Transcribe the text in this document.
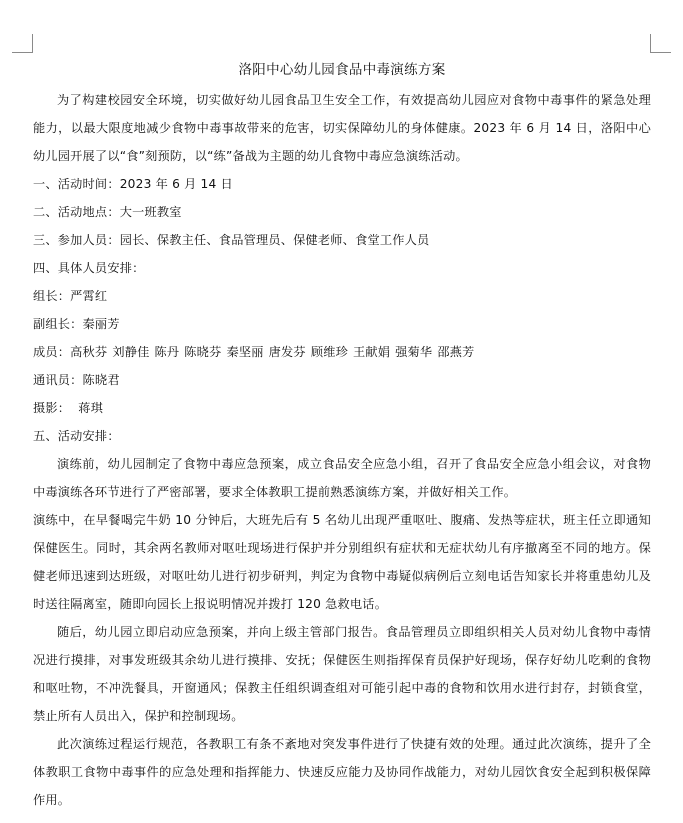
洛阳中心幼儿园食品中毒演练方案

为了构建校园安全环境，切实做好幼儿园食品卫生安全工作，有效提高幼儿园应对食物中毒事件的紧急处理能力，以最大限度地减少食物中毒事故带来的危害，切实保障幼儿的身体健康。2023 年 6 月 14 日，洛阳中心幼儿园开展了以“食”刻预防，以“练”备战为主题的幼儿食物中毒应急演练活动。

一、活动时间：2023 年 6 月 14 日

二、活动地点：大一班教室

三、参加人员：园长、保教主任、食品管理员、保健老师、食堂工作人员

四、具体人员安排：

组长：严霄红

副组长：秦丽芳

成员：高秋芬 刘静佳 陈丹 陈晓芬 秦坚丽 唐发芬 顾维珍 王献娟 强菊华 邵燕芳

通讯员：陈晓君

摄影：  蒋琪

五、活动安排：

演练前，幼儿园制定了食物中毒应急预案，成立食品安全应急小组，召开了食品安全应急小组会议，对食物中毒演练各环节进行了严密部署，要求全体教职工提前熟悉演练方案，并做好相关工作。

演练中，在早餐喝完牛奶 10 分钟后，大班先后有 5 名幼儿出现严重呕吐、腹痛、发热等症状，班主任立即通知保健医生。同时，其余两名教师对呕吐现场进行保护并分别组织有症状和无症状幼儿有序撤离至不同的地方。保健老师迅速到达班级，对呕吐幼儿进行初步研判，判定为食物中毒疑似病例后立刻电话告知家长并将重患幼儿及时送往隔离室，随即向园长上报说明情况并拨打 120 急救电话。

随后，幼儿园立即启动应急预案，并向上级主管部门报告。食品管理员立即组织相关人员对幼儿食物中毒情况进行摸排，对事发班级其余幼儿进行摸排、安抚；保健医生则指挥保育员保护好现场，保存好幼儿吃剩的食物和呕吐物，不冲洗餐具，开窗通风；保教主任组织调查组对可能引起中毒的食物和饮用水进行封存，封锁食堂，禁止所有人员出入，保护和控制现场。

此次演练过程运行规范，各教职工有条不紊地对突发事件进行了快捷有效的处理。通过此次演练，提升了全体教职工食物中毒事件的应急处理和指挥能力、快速反应能力及协同作战能力，对幼儿园饮食安全起到积极保障作用。
